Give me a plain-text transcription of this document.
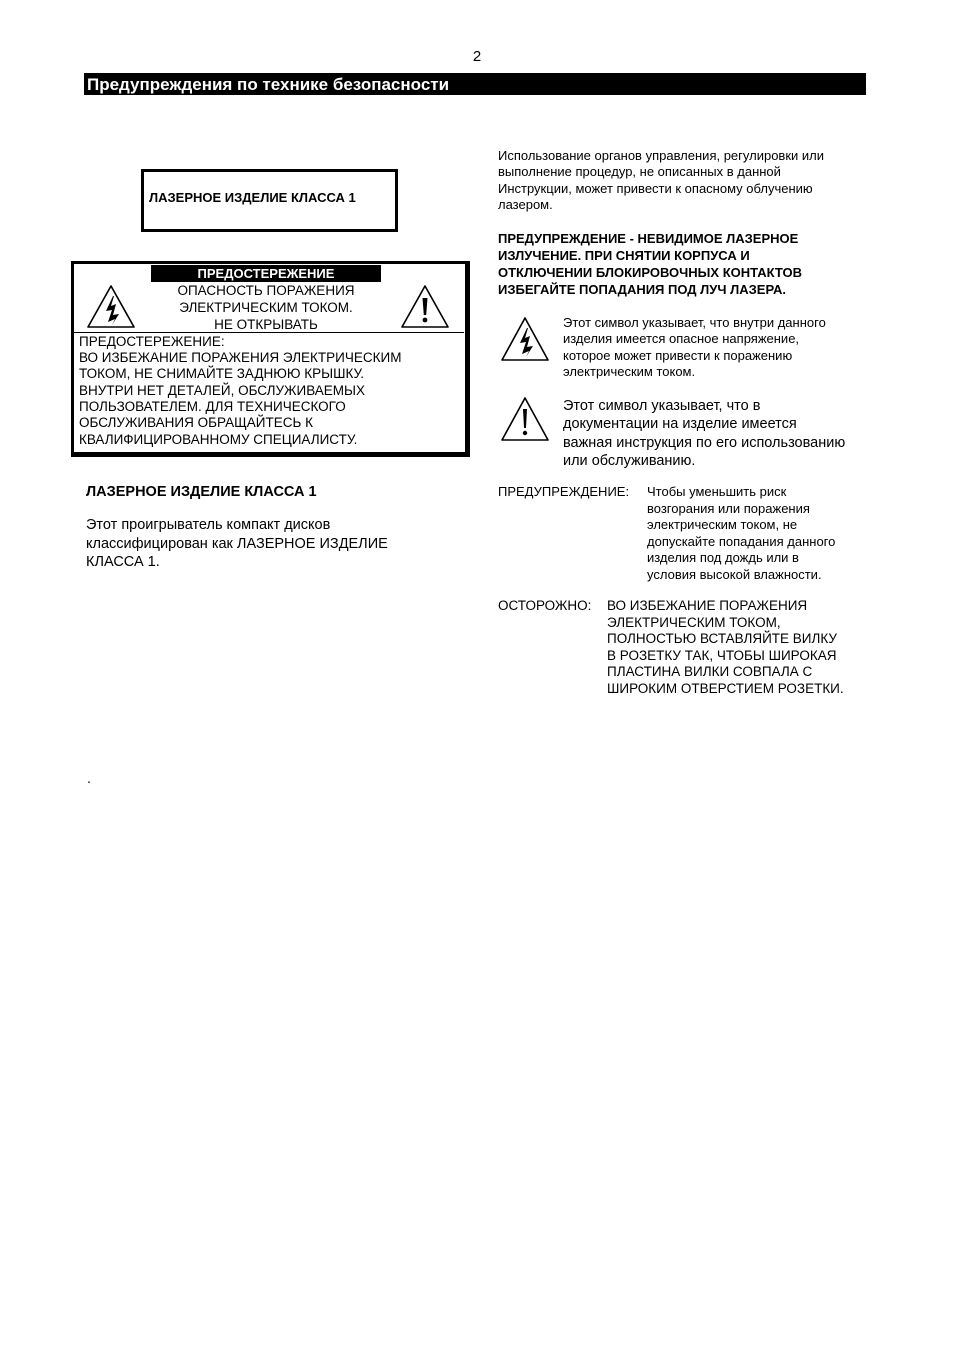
2
Предупреждения по технике безопасности
ЛАЗЕРНОЕ ИЗДЕЛИЕ КЛАССА 1
ПРЕДОСТЕРЕЖЕНИЕ
ОПАСНОСТЬ ПОРАЖЕНИЯ
ЭЛЕКТРИЧЕСКИМ ТОКОМ.
НЕ ОТКРЫВАТЬ
ПРЕДОСТЕРЕЖЕНИЕ:
ВО ИЗБЕЖАНИЕ ПОРАЖЕНИЯ ЭЛЕКТРИЧЕСКИМ
ТОКОМ, НЕ СНИМАЙТЕ ЗАДНЮЮ КРЫШКУ.
ВНУТРИ НЕТ ДЕТАЛЕЙ, ОБСЛУЖИВАЕМЫХ
ПОЛЬЗОВАТЕЛЕМ. ДЛЯ ТЕХНИЧЕСКОГО
ОБСЛУЖИВАНИЯ ОБРАЩАЙТЕСЬ К
КВАЛИФИЦИРОВАННОМУ СПЕЦИАЛИСТУ.
ЛАЗЕРНОЕ ИЗДЕЛИЕ КЛАССА 1
Этот проигрыватель компакт дисков
классифицирован как ЛАЗЕРНОЕ ИЗДЕЛИЕ
КЛАССА 1.
.
Использование органов управления, регулировки или
выполнение процедур, не описанных в данной
Инструкции, может привести к опасному облучению
лазером.
ПРЕДУПРЕЖДЕНИЕ - НЕВИДИМОЕ ЛАЗЕРНОЕ
ИЗЛУЧЕНИЕ. ПРИ СНЯТИИ КОРПУСА И
ОТКЛЮЧЕНИИ БЛОКИРОВОЧНЫХ КОНТАКТОВ
ИЗБЕГАЙТЕ ПОПАДАНИЯ ПОД ЛУЧ ЛАЗЕРА.
Этот символ указывает, что внутри данного
изделия имеется опасное напряжение,
которое может привести к поражению
электрическим током.
Этот символ указывает, что в
документации на изделие имеется
важная инструкция по его использованию
или обслуживанию.
ПРЕДУПРЕЖДЕНИЕ: Чтобы уменьшить риск
возгорания или поражения
электрическим током, не
допускайте попадания данного
изделия под дождь или в
условия высокой влажности.
ОСТОРОЖНО: ВО ИЗБЕЖАНИЕ ПОРАЖЕНИЯ
ЭЛЕКТРИЧЕСКИМ ТОКОМ,
ПОЛНОСТЬЮ ВСТАВЛЯЙТЕ ВИЛКУ
В РОЗЕТКУ ТАК, ЧТОБЫ ШИРОКАЯ
ПЛАСТИНА ВИЛКИ СОВПАЛА С
ШИРОКИМ ОТВЕРСТИЕМ РОЗЕТКИ.
